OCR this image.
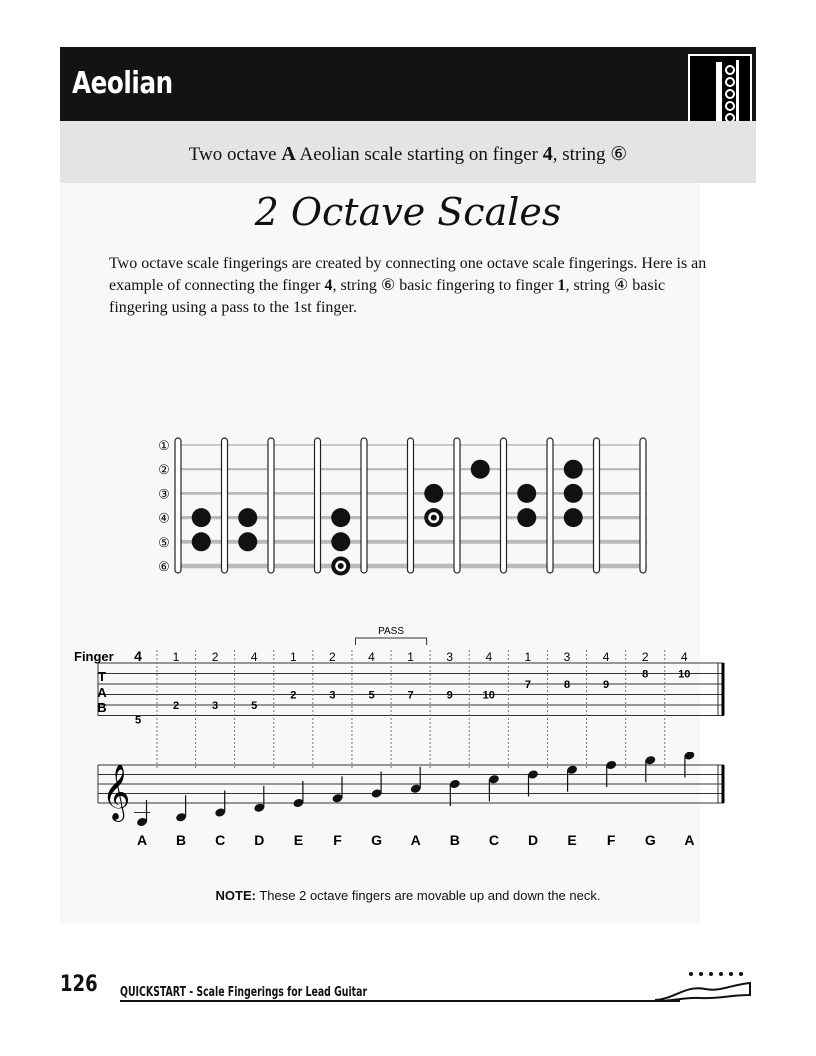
Aeolian
Two octave A Aeolian scale starting on finger 4, string ⑥
2 Octave Scales
Two octave scale fingerings are created by connecting one octave scale fingerings. Here is an example of connecting the finger 4, string ⑥ basic fingering to finger 1, string ④ basic fingering using a pass to the 1st finger.
①
②
③
④
⑤
⑥
Finger 4
T
A
B
5
1
2
2
3
4
5
1
2
2
3
4
5
1
7
3
9
4
10
1
7
3
8
4
9
2
8
4
10
PASS
𝄞
A B C D E F G A B C D E F G A
NOTE: These 2 octave fingers are movable up and down the neck.
126 QUICKSTART - Scale Fingerings for Lead Guitar
